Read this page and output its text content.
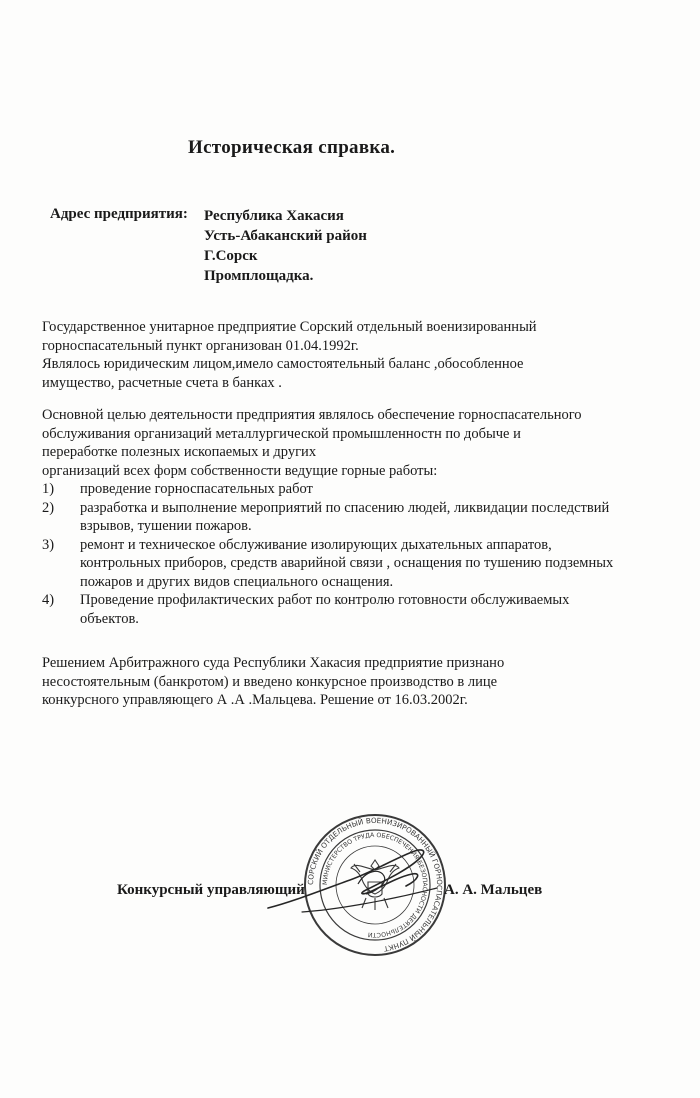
Историческая справка.
Адрес предприятия: Республика Хакасия
Усть-Абаканский район
Г.Сорск
Промплощадка.
Государственное унитарное предприятие Сорский отдельный военизированный
горноспасательный пункт организован 01.04.1992г.
Являлось юридическим лицом,имело самостоятельный баланс ,обособленное
имущество, расчетные счета в банках .
Основной целью деятельности предприятия являлось обеспечение горноспасательного
обслуживания организаций металлургической промышленностн по добыче и
переработке полезных ископаемых и других
организаций всех форм собственности ведущие горные работы:
1) проведение горноспасательных работ
2) разработка и выполнение мероприятий по спасению людей, ликвидации последствий
взрывов, тушении пожаров.
3) ремонт и техническое обслуживание изолирующих дыхательных аппаратов,
контрольных приборов, средств аварийной связи , оснащения по тушению подземных
пожаров и других видов специального оснащения.
4) Проведение профилактических работ по контролю готовности обслуживаемых
объектов.
Решением Арбитражного суда Республики Хакасия предприятие признано
несостоятельным (банкротом) и введено конкурсное производство в лице
конкурсного управляющего А .А .Мальцева. Решение от 16.03.2002г.
СОРСКИЙ ОТДЕЛЬНЫЙ ВОЕНИЗИРОВАННЫЙ ГОРНОСПАСАТЕЛЬНЫЙ ПУНКТ
МИНИСТЕРСТВО ТРУДА ОБЕСПЕЧЕНИЯ БЕЗОПАСНОСТИ ДЕЯТЕЛЬНОСТИ
Конкурсный управляющий	А. А. Мальцев
